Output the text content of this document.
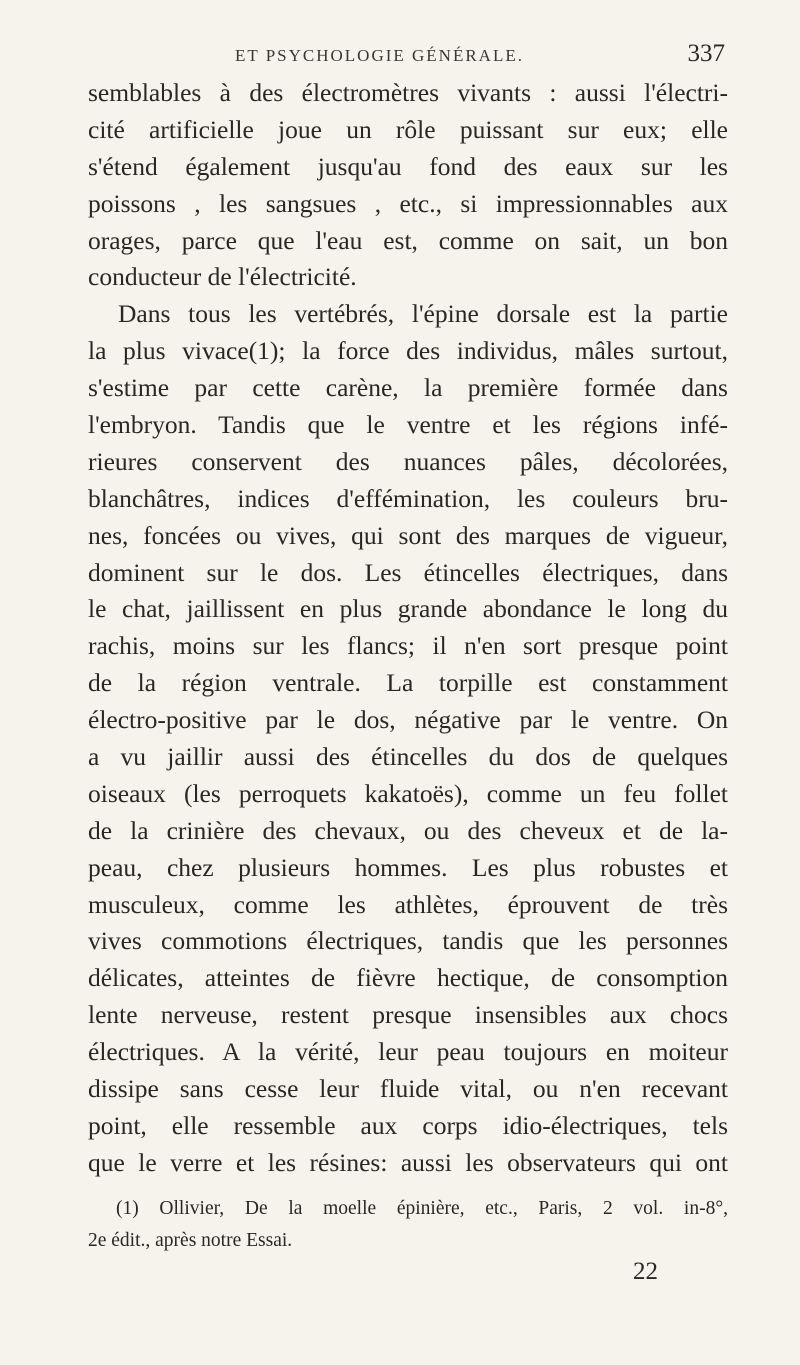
ET PSYCHOLOGIE GÉNÉRALE.	337
semblables à des électromètres vivants : aussi l'électri-
cité artificielle joue un rôle puissant sur eux; elle
s'étend également jusqu'au fond des eaux sur les
poissons , les sangsues , etc., si impressionnables aux
orages, parce que l'eau est, comme on sait, un bon
conducteur de l'électricité.
Dans tous les vertébrés, l'épine dorsale est la partie
la plus vivace(1); la force des individus, mâles surtout,
s'estime par cette carène, la première formée dans
l'embryon. Tandis que le ventre et les régions infé-
rieures conservent des nuances pâles, décolorées,
blanchâtres, indices d'effémination, les couleurs bru-
nes, foncées ou vives, qui sont des marques de vigueur,
dominent sur le dos. Les étincelles électriques, dans
le chat, jaillissent en plus grande abondance le long du
rachis, moins sur les flancs; il n'en sort presque point
de la région ventrale. La torpille est constamment
électro-positive par le dos, négative par le ventre. On
a vu jaillir aussi des étincelles du dos de quelques
oiseaux (les perroquets kakatoës), comme un feu follet
de la crinière des chevaux, ou des cheveux et de la-
peau, chez plusieurs hommes. Les plus robustes et
musculeux, comme les athlètes, éprouvent de très
vives commotions électriques, tandis que les personnes
délicates, atteintes de fièvre hectique, de consomption
lente nerveuse, restent presque insensibles aux chocs
électriques. A la vérité, leur peau toujours en moiteur
dissipe sans cesse leur fluide vital, ou n'en recevant
point, elle ressemble aux corps idio-électriques, tels
que le verre et les résines: aussi les observateurs qui ont
(1) Ollivier, De la moelle épinière, etc., Paris, 2 vol. in-8°,
2e édit., après notre Essai.
22
